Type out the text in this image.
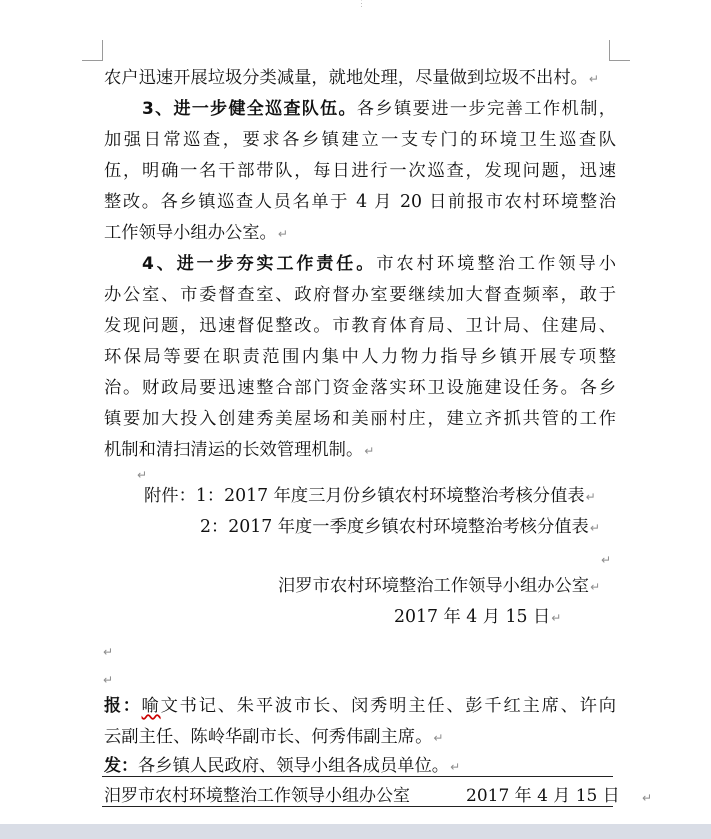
⋮
农户迅速开展垃圾分类减量，就地处理，尽量做到垃圾不出村。↵
3、进一步健全巡查队伍。各乡镇要进一步完善工作机制，
加强日常巡查，要求各乡镇建立一支专门的环境卫生巡查队
伍，明确一名干部带队，每日进行一次巡查，发现问题，迅速
整改。各乡镇巡查人员名单于 4 月 20 日前报市农村环境整治
工作领导小组办公室。↵
4、进一步夯实工作责任。市农村环境整治工作领导小
办公室、市委督查室、政府督办室要继续加大督查频率，敢于
发现问题，迅速督促整改。市教育体育局、卫计局、住建局、
环保局等要在职责范围内集中人力物力指导乡镇开展专项整
治。财政局要迅速整合部门资金落实环卫设施建设任务。各乡
镇要加大投入创建秀美屋场和美丽村庄，建立齐抓共管的工作
机制和清扫清运的长效管理机制。↵
↵
附件：1：2017 年度三月份乡镇农村环境整治考核分值表↵
2：2017 年度一季度乡镇农村环境整治考核分值表↵
↵
汨罗市农村环境整治工作领导小组办公室↵
2017 年 4 月 15 日↵
↵
↵
报：喻文书记、朱平波市长、闵秀明主任、彭千红主席、许向
云副主任、陈岭华副市长、何秀伟副主席。↵
发：各乡镇人民政府、领导小组各成员单位。↵
汨罗市农村环境整治工作领导小组办公室	2017 年 4 月 15 日 ↵
